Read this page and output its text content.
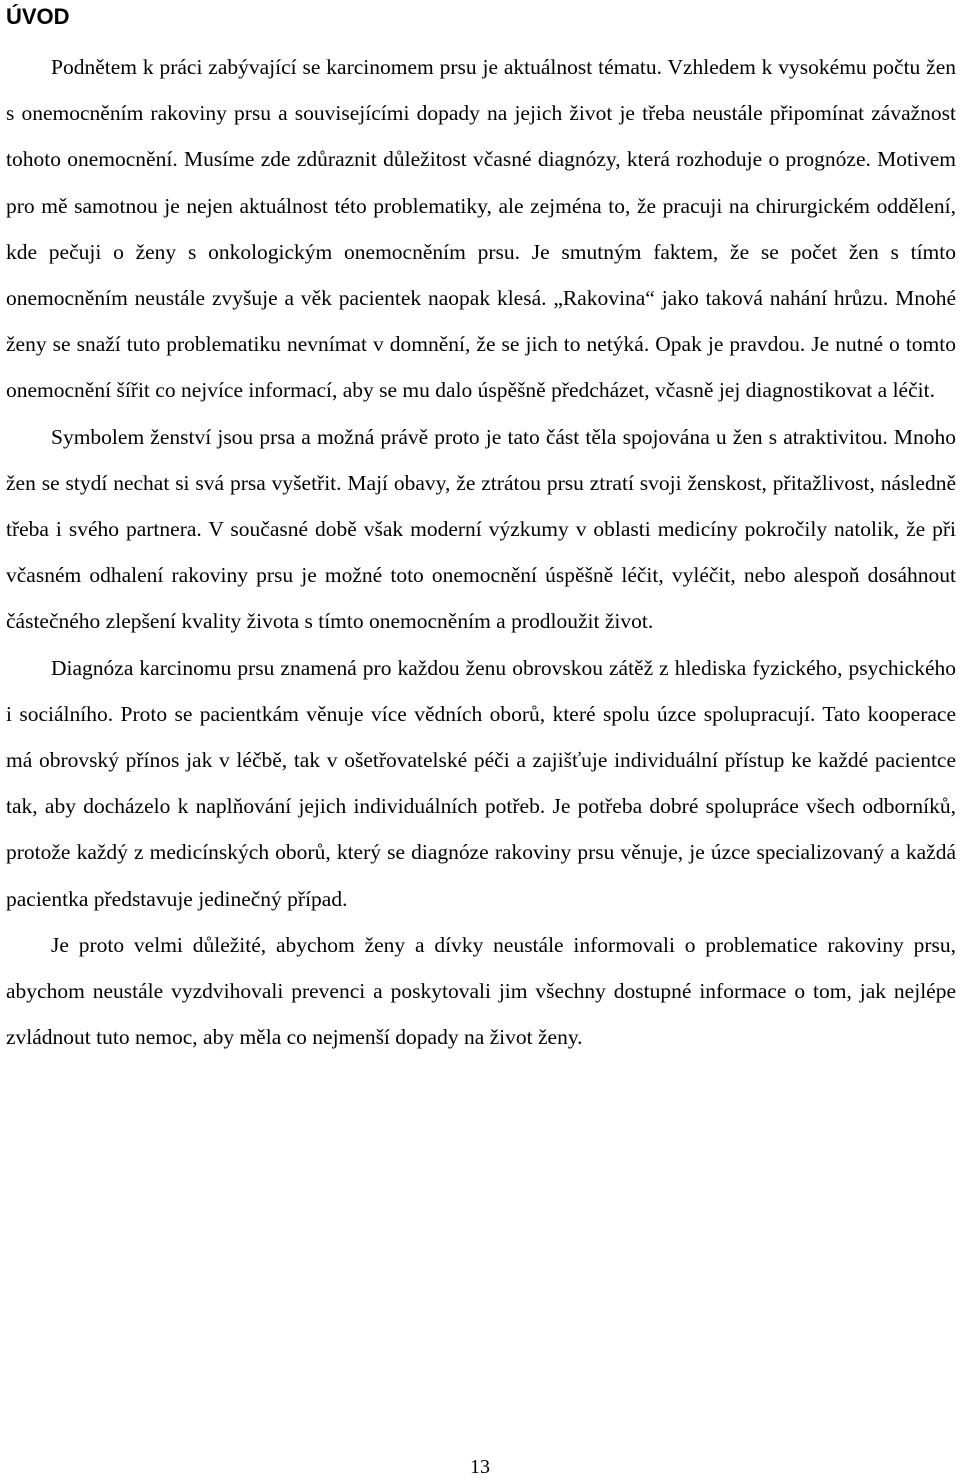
ÚVOD

Podnětem k práci zabývající se karcinomem prsu je aktuálnost tématu. Vzhledem k vysokému počtu žen s onemocněním rakoviny prsu a souvisejícími dopady na jejich život je třeba neustále připomínat závažnost tohoto onemocnění. Musíme zde zdůraznit důležitost včasné diagnózy, která rozhoduje o prognóze. Motivem pro mě samotnou je nejen aktuálnost této problematiky, ale zejména to, že pracuji na chirurgickém oddělení, kde pečuji o ženy s onkologickým onemocněním prsu. Je smutným faktem, že se počet žen s tímto onemocněním neustále zvyšuje a věk pacientek naopak klesá. „Rakovina“ jako taková nahání hrůzu. Mnohé ženy se snaží tuto problematiku nevnímat v domnění, že se jich to netýká. Opak je pravdou. Je nutné o tomto onemocnění šířit co nejvíce informací, aby se mu dalo úspěšně předcházet, včasně jej diagnostikovat a léčit.

Symbolem ženství jsou prsa a možná právě proto je tato část těla spojována u žen s atraktivitou. Mnoho žen se stydí nechat si svá prsa vyšetřit. Mají obavy, že ztrátou prsu ztratí svoji ženskost, přitažlivost, následně třeba i svého partnera. V současné době však moderní výzkumy v oblasti medicíny pokročily natolik, že při včasném odhalení rakoviny prsu je možné toto onemocnění úspěšně léčit, vyléčit, nebo alespoň dosáhnout částečného zlepšení kvality života s tímto onemocněním a prodloužit život.

Diagnóza karcinomu prsu znamená pro každou ženu obrovskou zátěž z hlediska fyzického, psychického i sociálního. Proto se pacientkám věnuje více vědních oborů, které spolu úzce spolupracují. Tato kooperace má obrovský přínos jak v léčbě, tak v ošetřovatelské péči a zajišťuje individuální přístup ke každé pacientce tak, aby docházelo k naplňování jejich individuálních potřeb. Je potřeba dobré spolupráce všech odborníků, protože každý z medicínských oborů, který se diagnóze rakoviny prsu věnuje, je úzce specializovaný a každá pacientka představuje jedinečný případ.

Je proto velmi důležité, abychom ženy a dívky neustále informovali o problematice rakoviny prsu, abychom neustále vyzdvihovali prevenci a poskytovali jim všechny dostupné informace o tom, jak nejlépe zvládnout tuto nemoc, aby měla co nejmenší dopady na život ženy.

13
